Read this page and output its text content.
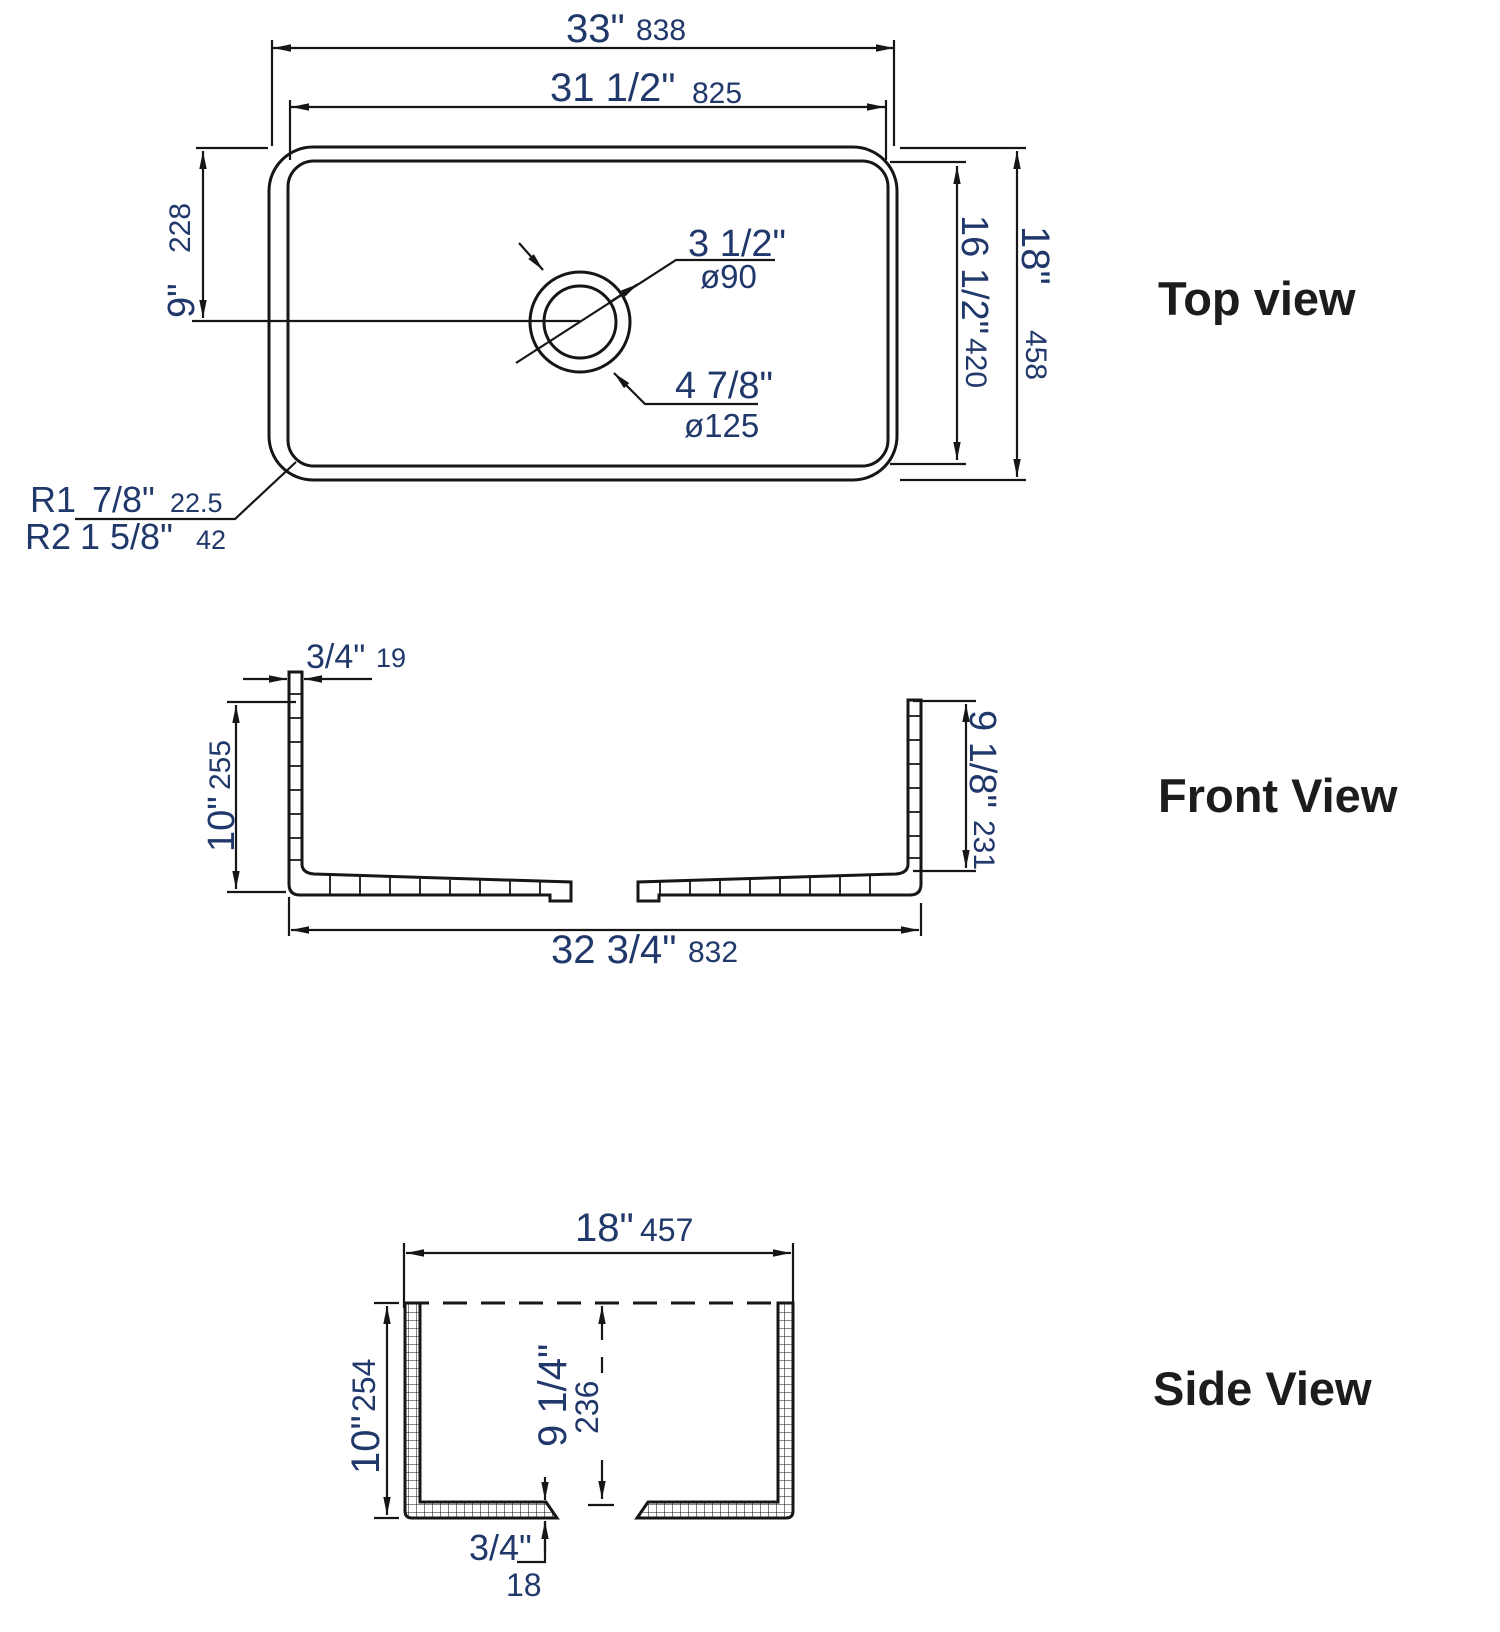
33" 838
31 1/2" 825
228
9"	16 1/2"
420
18"
458
3 1/2"
ø90
4 7/8"
ø125
R1 7/8" 22.5
R2 1 5/8" 42
Top view
3/4" 19
255
10"
9 1/8"
231
32 3/4" 832
Front View
18" 457
254
10"	9 1/4"
236
3/4"
18
Side View
